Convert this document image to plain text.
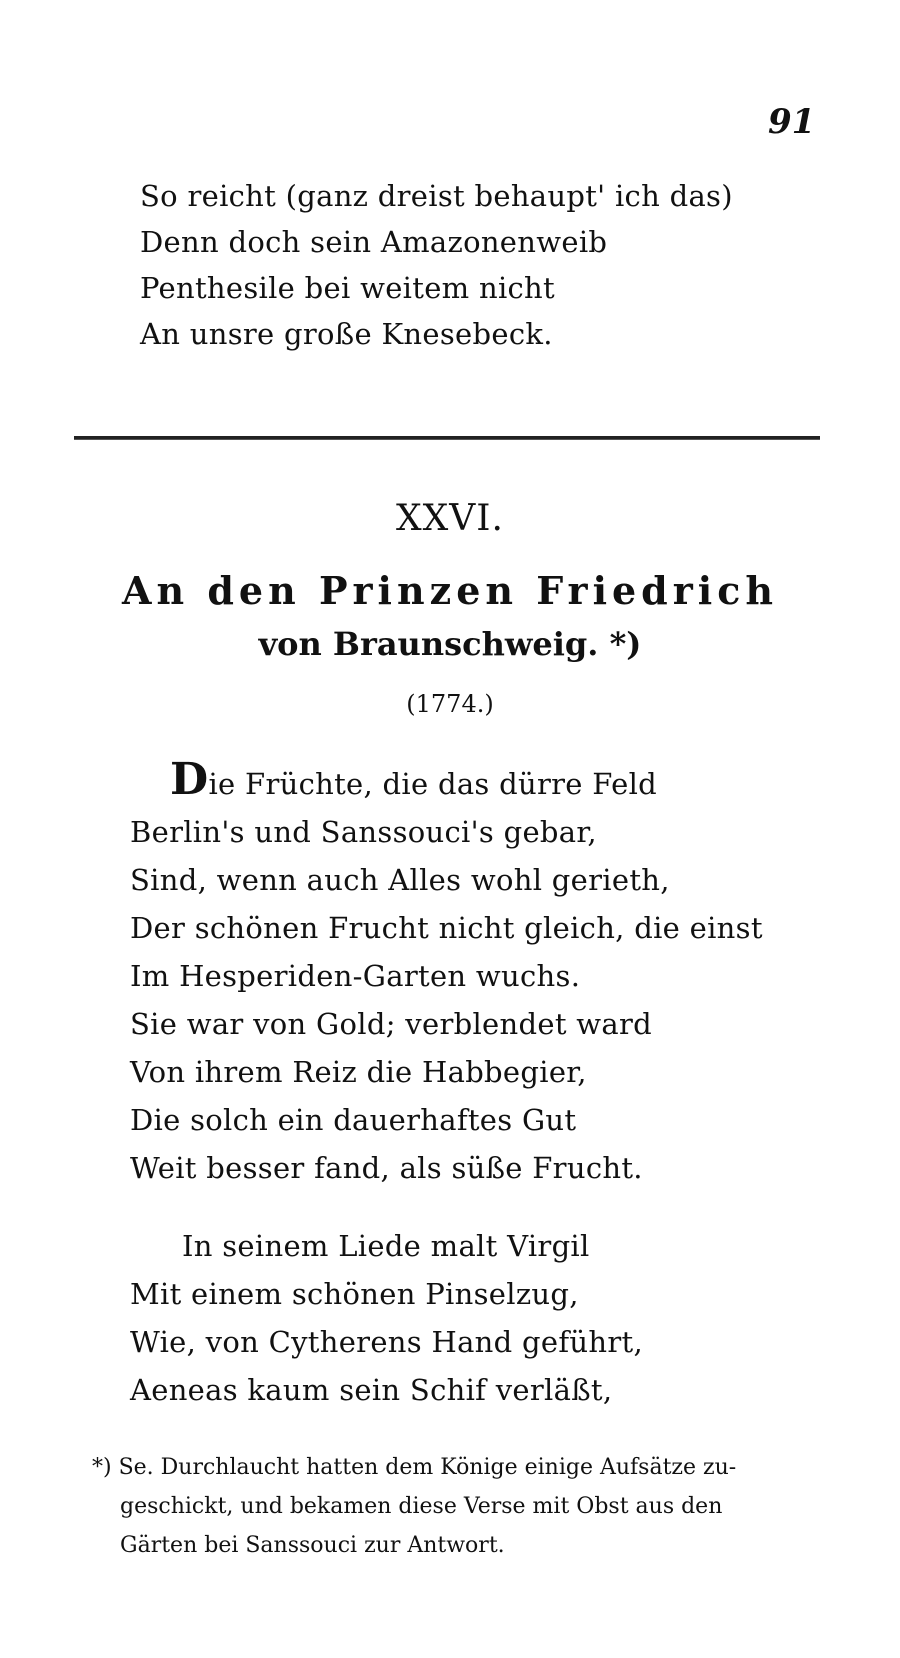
91
So reicht (ganz dreist behaupt' ich das)
Denn doch sein Amazonenweib
Penthesile bei weitem nicht
An unsre große Knesebeck.
XXVI.
An den Prinzen Friedrich
von Braunschweig. *)
(1774.)
Die Früchte, die das dürre Feld
Berlin's und Sanssouci's gebar,
Sind, wenn auch Alles wohl gerieth,
Der schönen Frucht nicht gleich, die einst
Im Hesperiden-Garten wuchs.
Sie war von Gold; verblendet ward
Von ihrem Reiz die Habbegier,
Die solch ein dauerhaftes Gut
Weit besser fand, als süße Frucht.
In seinem Liede malt Virgil
Mit einem schönen Pinselzug,
Wie, von Cytherens Hand geführt,
Aeneas kaum sein Schif verläßt,
*) Se. Durchlaucht hatten dem Könige einige Aufsätze zu-
geschickt, und bekamen diese Verse mit Obst aus den
Gärten bei Sanssouci zur Antwort.
